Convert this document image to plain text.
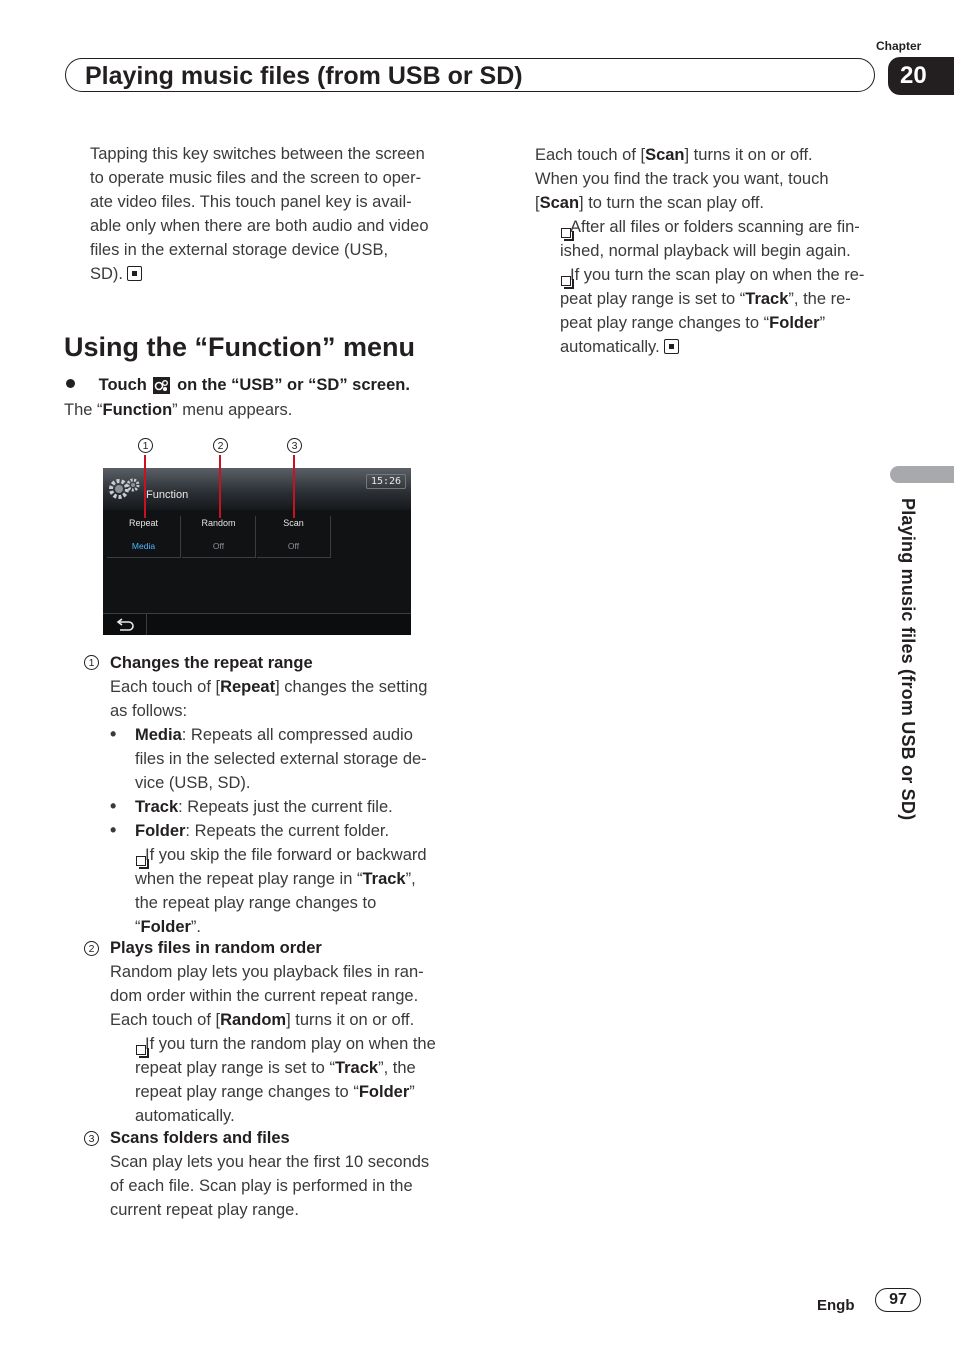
Chapter
20
Playing music files (from USB or SD)
Tapping this key switches between the screen
to operate music files and the screen to oper-
ate video files. This touch panel key is avail-
able only when there are both audio and video
files in the external storage device (USB,
SD).
Using the “Function” menu
Touch on the “USB” or “SD” screen.
The “Function” menu appears.
1	2	3
Function
15:26
Repeat
Media
Random
Off
Scan
Off
1 Changes the repeat range
Each touch of [Repeat] changes the setting
as follows:
• Media: Repeats all compressed audio
files in the selected external storage de-
vice (USB, SD).
• Track: Repeats just the current file.
• Folder: Repeats the current folder.
If you skip the file forward or backward
when the repeat play range in “Track”,
the repeat play range changes to
“Folder”.
2 Plays files in random order
Random play lets you playback files in ran-
dom order within the current repeat range.
Each touch of [Random] turns it on or off.
If you turn the random play on when the
repeat play range is set to “Track”, the
repeat play range changes to “Folder”
automatically.
3 Scans folders and files
Scan play lets you hear the first 10 seconds
of each file. Scan play is performed in the
current repeat play range.
Each touch of [Scan] turns it on or off.
When you find the track you want, touch
[Scan] to turn the scan play off.
After all files or folders scanning are fin-
ished, normal playback will begin again.
If you turn the scan play on when the re-
peat play range is set to “Track”, the re-
peat play range changes to “Folder”
automatically.
Playing music files (from USB or SD)
Engb	97
